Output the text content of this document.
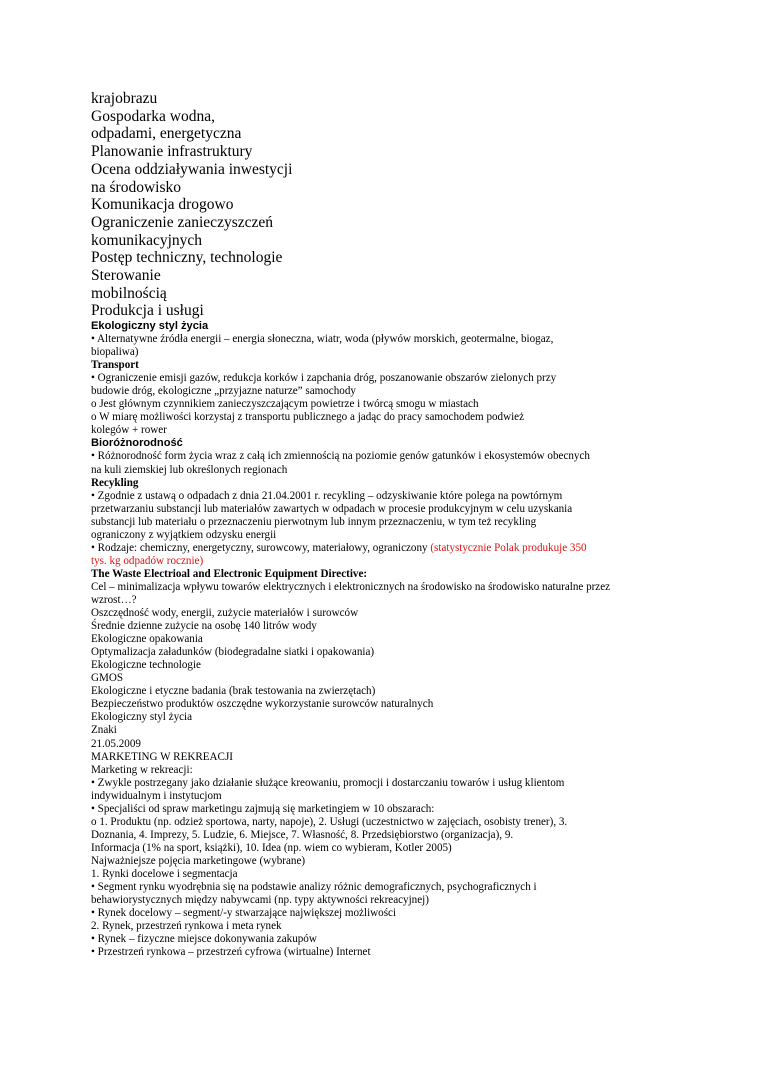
krajobrazu
Gospodarka wodna,
odpadami, energetyczna
Planowanie infrastruktury
Ocena oddziaływania inwestycji
na środowisko
Komunikacja drogowo
Ograniczenie zanieczyszczeń
komunikacyjnych
Postęp techniczny, technologie
Sterowanie
mobilnością
Produkcja i usługi
Ekologiczny styl życia
• Alternatywne źródła energii – energia słoneczna, wiatr, woda (pływów morskich, geotermalne, biogaz,
biopaliwa)
Transport
• Ograniczenie emisji gazów, redukcja korków i zapchania dróg, poszanowanie obszarów zielonych przy
budowie dróg, ekologiczne „przyjazne naturze” samochody
o Jest głównym czynnikiem zanieczyszczającym powietrze i twórcą smogu w miastach
o W miarę możliwości korzystaj z transportu publicznego a jadąc do pracy samochodem podwież
kolegów + rower
Bioróżnorodność
• Różnorodność form życia wraz z całą ich zmiennością na poziomie genów gatunków i ekosystemów obecnych
na kuli ziemskiej lub określonych regionach
Recykling
• Zgodnie z ustawą o odpadach z dnia 21.04.2001 r. recykling – odzyskiwanie które polega na powtórnym
przetwarzaniu substancji lub materiałów zawartych w odpadach w procesie produkcyjnym w celu uzyskania
substancji lub materiału o przeznaczeniu pierwotnym lub innym przeznaczeniu, w tym też recykling
ograniczony z wyjątkiem odzysku energii
• Rodzaje: chemiczny, energetyczny, surowcowy, materiałowy, ograniczony (statystycznie Polak produkuje 350
tys. kg odpadów rocznie)
The Waste Electrioal and Electronic Equipment Directive:
Cel – minimalizacja wpływu towarów elektrycznych i elektronicznych na środowisko na środowisko naturalne przez
wzrost…?
Oszczędność wody, energii, zużycie materiałów i surowców
Średnie dzienne zużycie na osobę 140 litrów wody
Ekologiczne opakowania
Optymalizacja załadunków (biodegradalne siatki i opakowania)
Ekologiczne technologie
GMOS
Ekologiczne i etyczne badania (brak testowania na zwierzętach)
Bezpieczeństwo produktów oszczędne wykorzystanie surowców naturalnych
Ekologiczny styl życia
Znaki
21.05.2009
MARKETING W REKREACJI
Marketing w rekreacji:
• Zwykle postrzegany jako działanie służące kreowaniu, promocji i dostarczaniu towarów i usług klientom
indywidualnym i instytucjom
• Specjaliści od spraw marketingu zajmują się marketingiem w 10 obszarach:
o 1. Produktu (np. odzież sportowa, narty, napoje), 2. Usługi (uczestnictwo w zajęciach, osobisty trener), 3.
Doznania, 4. Imprezy, 5. Ludzie, 6. Miejsce, 7. Własność, 8. Przedsiębiorstwo (organizacja), 9.
Informacja (1% na sport, książki), 10. Idea (np. wiem co wybieram, Kotler 2005)
Najważniejsze pojęcia marketingowe (wybrane)
1. Rynki docelowe i segmentacja
• Segment rynku wyodrębnia się na podstawie analizy różnic demograficznych, psychograficznych i
behawiorystycznych między nabywcami (np. typy aktywności rekreacyjnej)
• Rynek docelowy – segment/-y stwarzające największej możliwości
2. Rynek, przestrzeń rynkowa i meta rynek
• Rynek – fizyczne miejsce dokonywania zakupów
• Przestrzeń rynkowa – przestrzeń cyfrowa (wirtualne) Internet
